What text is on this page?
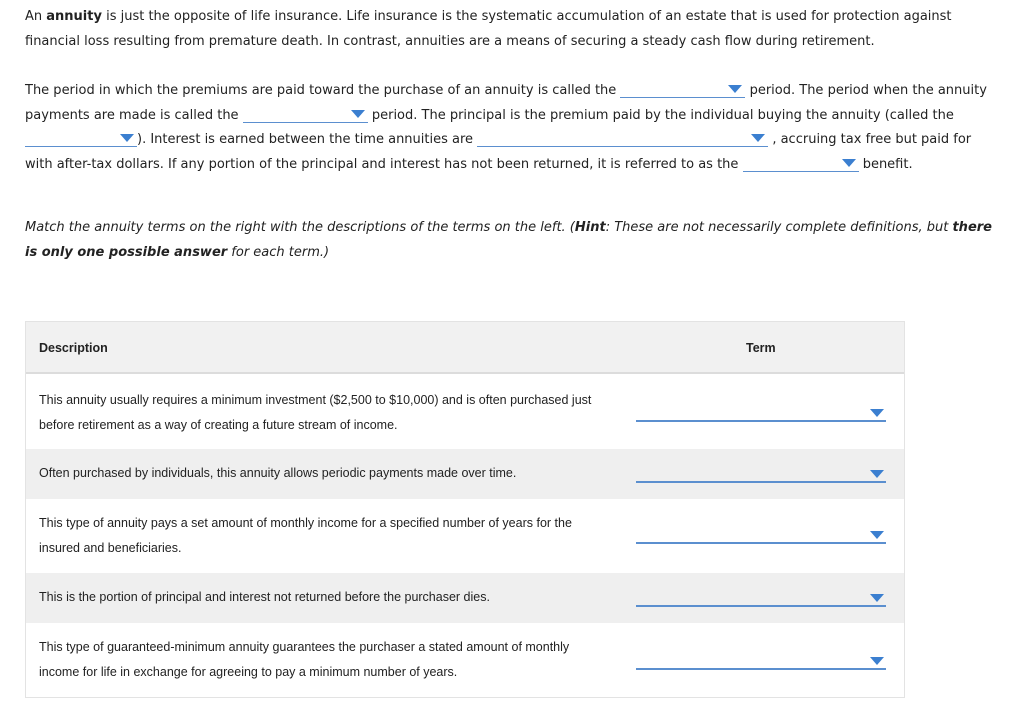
An annuity is just the opposite of life insurance. Life insurance is the systematic accumulation of an estate that is used for protection against financial loss resulting from premature death. In contrast, annuities are a means of securing a steady cash flow during retirement.

The period in which the premiums are paid toward the purchase of an annuity is called the	period. The period when the annuity payments are made is called the	period. The principal is the premium paid by the individual buying the annuity (called the
). Interest is earned between the time annuities are	, accruing tax free but paid for with after-tax dollars. If any portion of the principal and interest has not been returned, it is referred to as the	benefit.

Match the annuity terms on the right with the descriptions of the terms on the left. (Hint: These are not necessarily complete definitions, but there is only one possible answer for each term.)

Description	Term
This annuity usually requires a minimum investment ($2,500 to $10,000) and is often purchased just before retirement as a way of creating a future stream of income.
Often purchased by individuals, this annuity allows periodic payments made over time.
This type of annuity pays a set amount of monthly income for a specified number of years for the insured and beneficiaries.
This is the portion of principal and interest not returned before the purchaser dies.
This type of guaranteed-minimum annuity guarantees the purchaser a stated amount of monthly income for life in exchange for agreeing to pay a minimum number of years.
